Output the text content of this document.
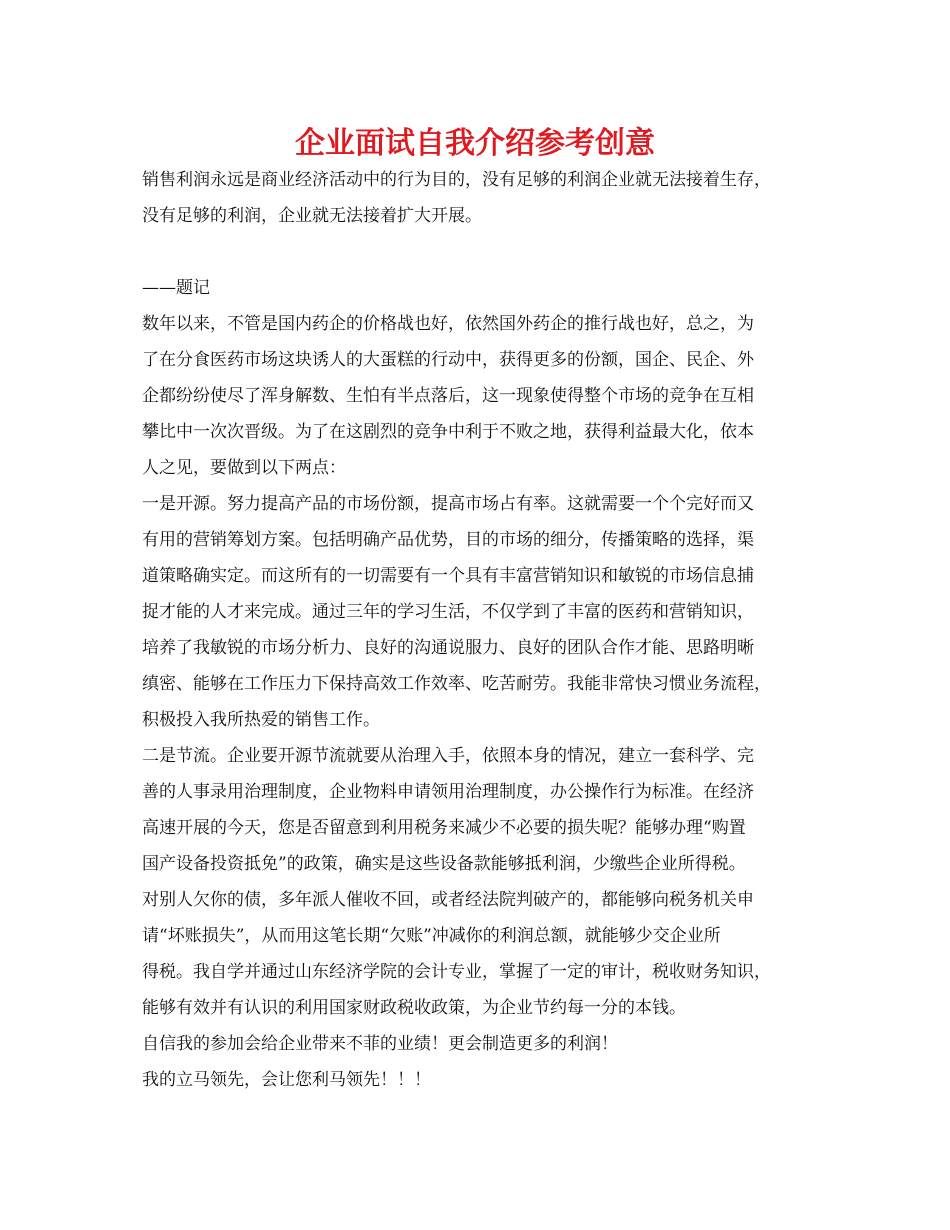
企业面试自我介绍参考创意
销售利润永远是商业经济活动中的行为目的，没有足够的利润企业就无法接着生存，
没有足够的利润，企业就无法接着扩大开展。
——题记
数年以来，不管是国内药企的价格战也好，依然国外药企的推行战也好，总之，为
了在分食医药市场这块诱人的大蛋糕的行动中，获得更多的份额，国企、民企、外
企都纷纷使尽了浑身解数、生怕有半点落后，这一现象使得整个市场的竞争在互相
攀比中一次次晋级。为了在这剧烈的竞争中利于不败之地，获得利益最大化，依本
人之见，要做到以下两点：
一是开源。努力提高产品的市场份额，提高市场占有率。这就需要一个个完好而又
有用的营销筹划方案。包括明确产品优势，目的市场的细分，传播策略的选择，渠
道策略确实定。而这所有的一切需要有一个具有丰富营销知识和敏锐的市场信息捕
捉才能的人才来完成。通过三年的学习生活，不仅学到了丰富的医药和营销知识，
培养了我敏锐的市场分析力、良好的沟通说服力、良好的团队合作才能、思路明晰
缜密、能够在工作压力下保持高效工作效率、吃苦耐劳。我能非常快习惯业务流程，
积极投入我所热爱的销售工作。
二是节流。企业要开源节流就要从治理入手，依照本身的情况，建立一套科学、完
善的人事录用治理制度，企业物料申请领用治理制度，办公操作行为标准。在经济
高速开展的今天，您是否留意到利用税务来减少不必要的损失呢？能够办理“购置
国产设备投资抵免”的政策，确实是这些设备款能够抵利润，少缴些企业所得税。
对别人欠你的债，多年派人催收不回，或者经法院判破产的，都能够向税务机关申
请“坏账损失”，从而用这笔长期“欠账”冲减你的利润总额，就能够少交企业所
得税。我自学并通过山东经济学院的会计专业，掌握了一定的审计，税收财务知识，
能够有效并有认识的利用国家财政税收政策，为企业节约每一分的本钱。
自信我的参加会给企业带来不菲的业绩！更会制造更多的利润！
我的立马领先，会让您利马领先！！！
